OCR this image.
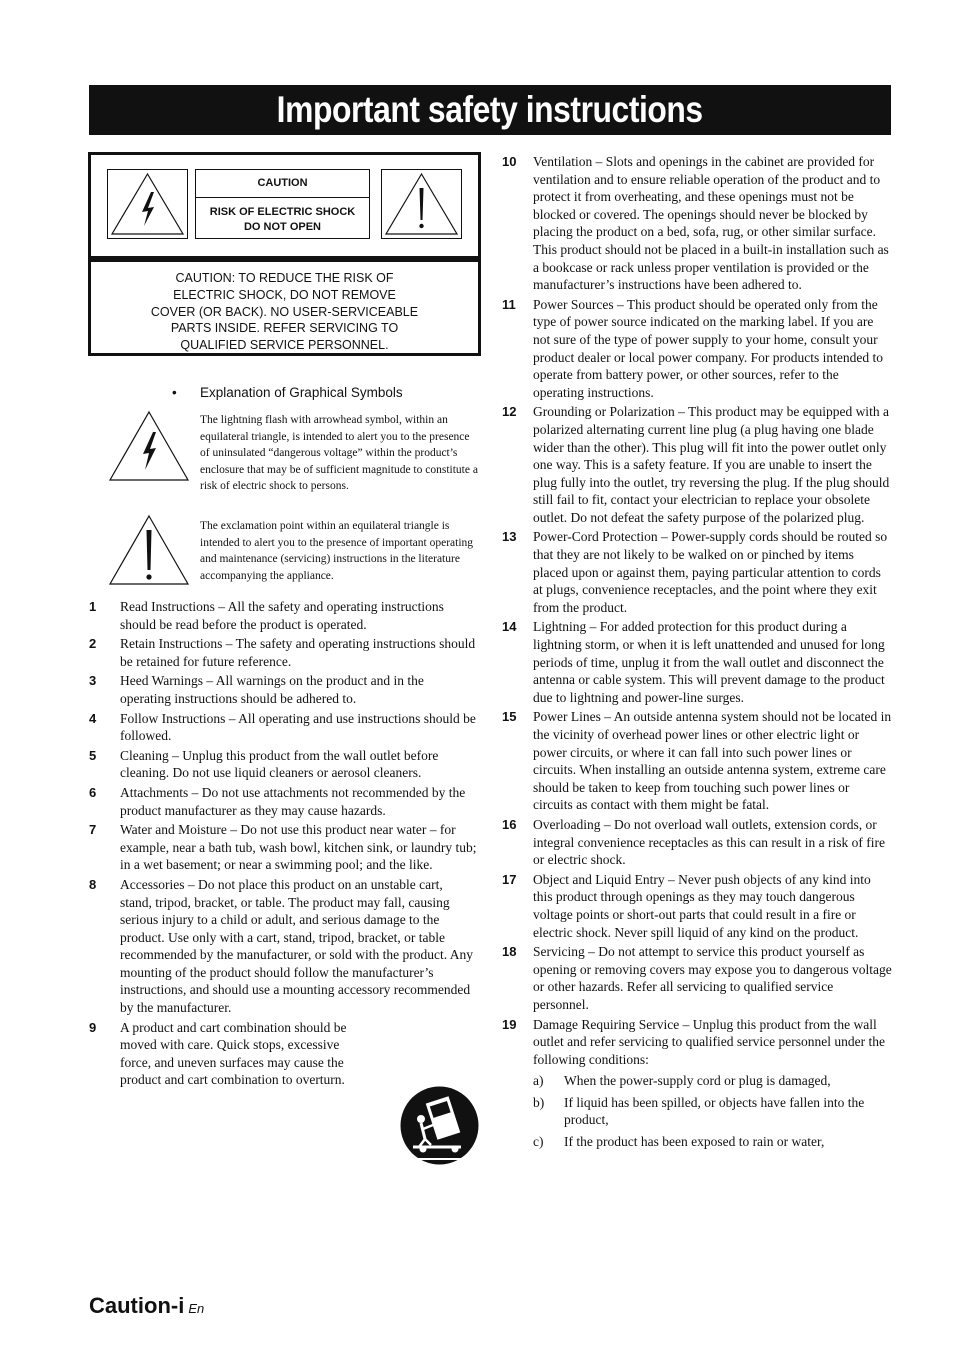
Important safety instructions
CAUTION
RISK OF ELECTRIC SHOCK
DO NOT OPEN
CAUTION: TO REDUCE THE RISK OF
ELECTRIC SHOCK, DO NOT REMOVE
COVER (OR BACK). NO USER-SERVICEABLE
PARTS INSIDE. REFER SERVICING TO
QUALIFIED SERVICE PERSONNEL.
• Explanation of Graphical Symbols
The lightning flash with arrowhead symbol, within an equilateral triangle, is intended to alert you to the presence of uninsulated “dangerous voltage” within the product’s enclosure that may be of sufficient magnitude to constitute a risk of electric shock to persons.
The exclamation point within an equilateral triangle is intended to alert you to the presence of important operating and maintenance (servicing) instructions in the literature accompanying the appliance.
1 Read Instructions – All the safety and operating instructions should be read before the product is operated.
2 Retain Instructions – The safety and operating instructions should be retained for future reference.
3 Heed Warnings – All warnings on the product and in the operating instructions should be adhered to.
4 Follow Instructions – All operating and use instructions should be followed.
5 Cleaning – Unplug this product from the wall outlet before cleaning. Do not use liquid cleaners or aerosol cleaners.
6 Attachments – Do not use attachments not recommended by the product manufacturer as they may cause hazards.
7 Water and Moisture – Do not use this product near water – for example, near a bath tub, wash bowl, kitchen sink, or laundry tub; in a wet basement; or near a swimming pool; and the like.
8 Accessories – Do not place this product on an unstable cart, stand, tripod, bracket, or table. The product may fall, causing serious injury to a child or adult, and serious damage to the product. Use only with a cart, stand, tripod, bracket, or table recommended by the manufacturer, or sold with the product. Any mounting of the product should follow the manufacturer’s instructions, and should use a mounting accessory recommended by the manufacturer.
9 A product and cart combination should be moved with care. Quick stops, excessive force, and uneven surfaces may cause the product and cart combination to overturn.
10 Ventilation – Slots and openings in the cabinet are provided for ventilation and to ensure reliable operation of the product and to protect it from overheating, and these openings must not be blocked or covered. The openings should never be blocked by placing the product on a bed, sofa, rug, or other similar surface. This product should not be placed in a built-in installation such as a bookcase or rack unless proper ventilation is provided or the manufacturer’s instructions have been adhered to.
11 Power Sources – This product should be operated only from the type of power source indicated on the marking label. If you are not sure of the type of power supply to your home, consult your product dealer or local power company. For products intended to operate from battery power, or other sources, refer to the operating instructions.
12 Grounding or Polarization – This product may be equipped with a polarized alternating current line plug (a plug having one blade wider than the other). This plug will fit into the power outlet only one way. This is a safety feature. If you are unable to insert the plug fully into the outlet, try reversing the plug. If the plug should still fail to fit, contact your electrician to replace your obsolete outlet. Do not defeat the safety purpose of the polarized plug.
13 Power-Cord Protection – Power-supply cords should be routed so that they are not likely to be walked on or pinched by items placed upon or against them, paying particular attention to cords at plugs, convenience receptacles, and the point where they exit from the product.
14 Lightning – For added protection for this product during a lightning storm, or when it is left unattended and unused for long periods of time, unplug it from the wall outlet and disconnect the antenna or cable system. This will prevent damage to the product due to lightning and power-line surges.
15 Power Lines – An outside antenna system should not be located in the vicinity of overhead power lines or other electric light or power circuits, or where it can fall into such power lines or circuits. When installing an outside antenna system, extreme care should be taken to keep from touching such power lines or circuits as contact with them might be fatal.
16 Overloading – Do not overload wall outlets, extension cords, or integral convenience receptacles as this can result in a risk of fire or electric shock.
17 Object and Liquid Entry – Never push objects of any kind into this product through openings as they may touch dangerous voltage points or short-out parts that could result in a fire or electric shock. Never spill liquid of any kind on the product.
18 Servicing – Do not attempt to service this product yourself as opening or removing covers may expose you to dangerous voltage or other hazards. Refer all servicing to qualified service personnel.
19 Damage Requiring Service – Unplug this product from the wall outlet and refer servicing to qualified service personnel under the following conditions:
a) When the power-supply cord or plug is damaged,
b) If liquid has been spilled, or objects have fallen into the product,
c) If the product has been exposed to rain or water,
Caution-i En
